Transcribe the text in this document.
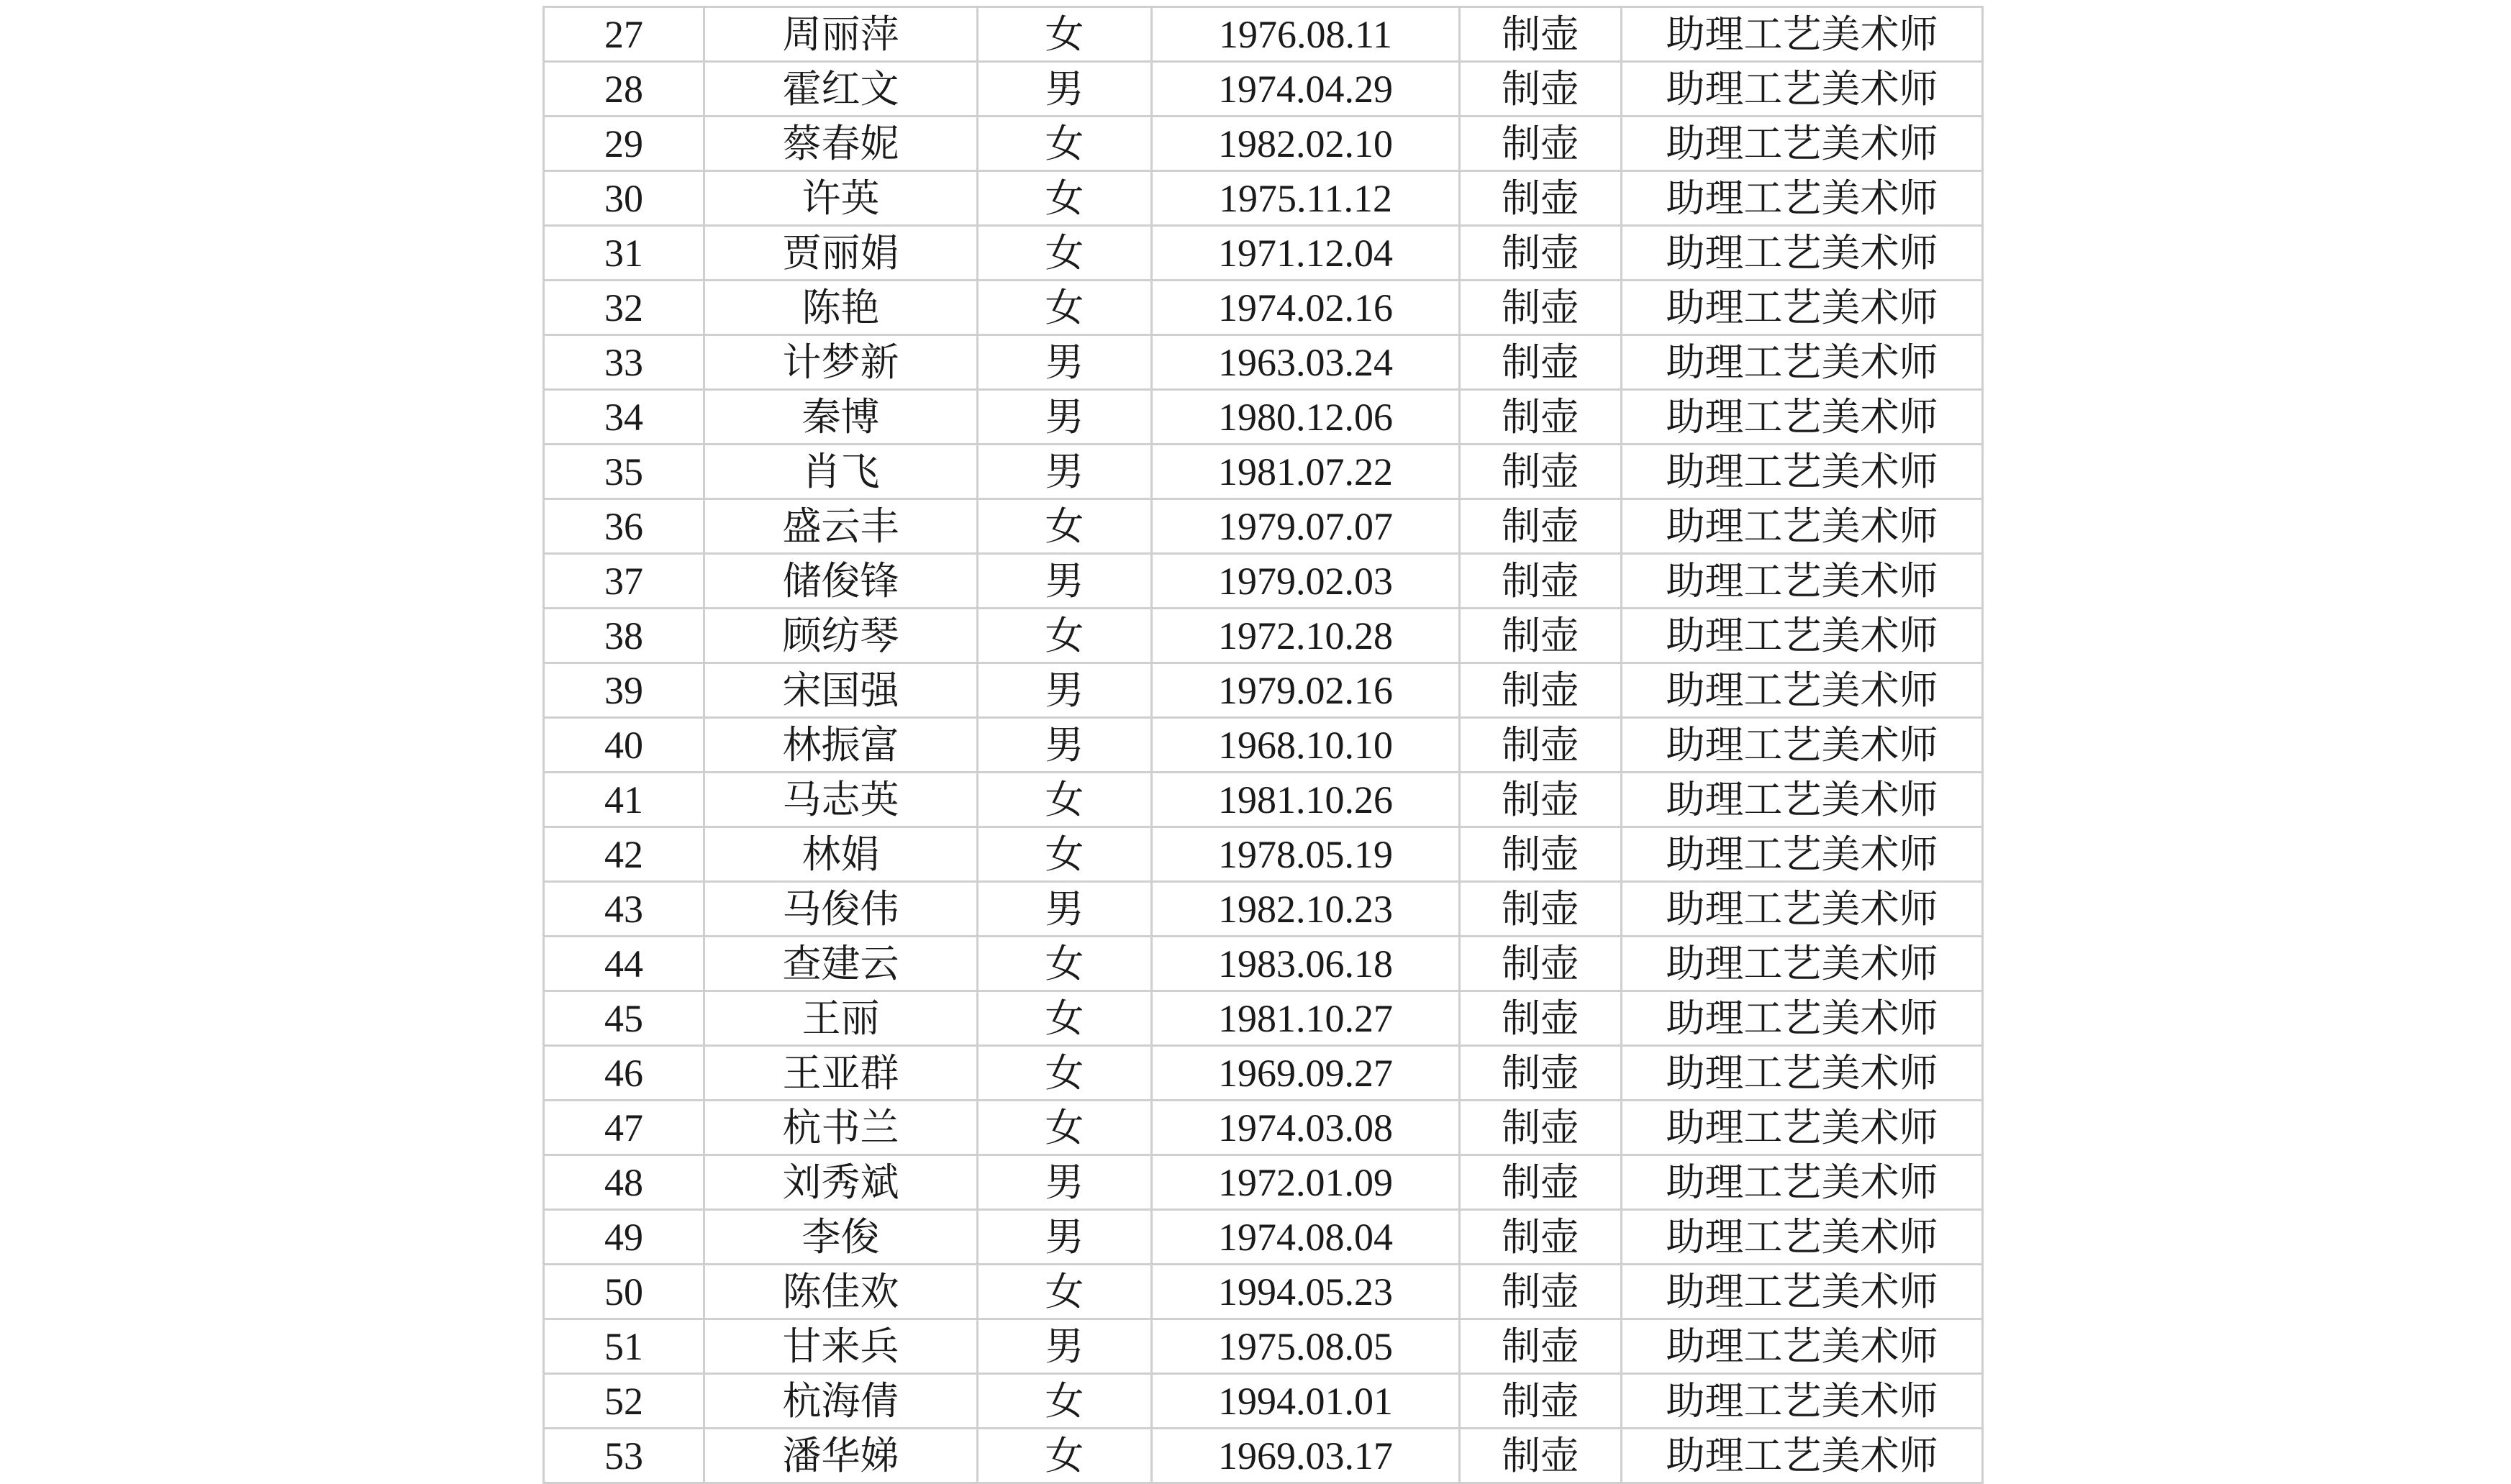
27	周丽萍	女	1976.08.11	制壶	助理工艺美术师
28	霍红文	男	1974.04.29	制壶	助理工艺美术师
29	蔡春妮	女	1982.02.10	制壶	助理工艺美术师
30	许英	女	1975.11.12	制壶	助理工艺美术师
31	贾丽娟	女	1971.12.04	制壶	助理工艺美术师
32	陈艳	女	1974.02.16	制壶	助理工艺美术师
33	计梦新	男	1963.03.24	制壶	助理工艺美术师
34	秦博	男	1980.12.06	制壶	助理工艺美术师
35	肖飞	男	1981.07.22	制壶	助理工艺美术师
36	盛云丰	女	1979.07.07	制壶	助理工艺美术师
37	储俊锋	男	1979.02.03	制壶	助理工艺美术师
38	顾纺琴	女	1972.10.28	制壶	助理工艺美术师
39	宋国强	男	1979.02.16	制壶	助理工艺美术师
40	林振富	男	1968.10.10	制壶	助理工艺美术师
41	马志英	女	1981.10.26	制壶	助理工艺美术师
42	林娟	女	1978.05.19	制壶	助理工艺美术师
43	马俊伟	男	1982.10.23	制壶	助理工艺美术师
44	查建云	女	1983.06.18	制壶	助理工艺美术师
45	王丽	女	1981.10.27	制壶	助理工艺美术师
46	王亚群	女	1969.09.27	制壶	助理工艺美术师
47	杭书兰	女	1974.03.08	制壶	助理工艺美术师
48	刘秀斌	男	1972.01.09	制壶	助理工艺美术师
49	李俊	男	1974.08.04	制壶	助理工艺美术师
50	陈佳欢	女	1994.05.23	制壶	助理工艺美术师
51	甘来兵	男	1975.08.05	制壶	助理工艺美术师
52	杭海倩	女	1994.01.01	制壶	助理工艺美术师
53	潘华娣	女	1969.03.17	制壶	助理工艺美术师
